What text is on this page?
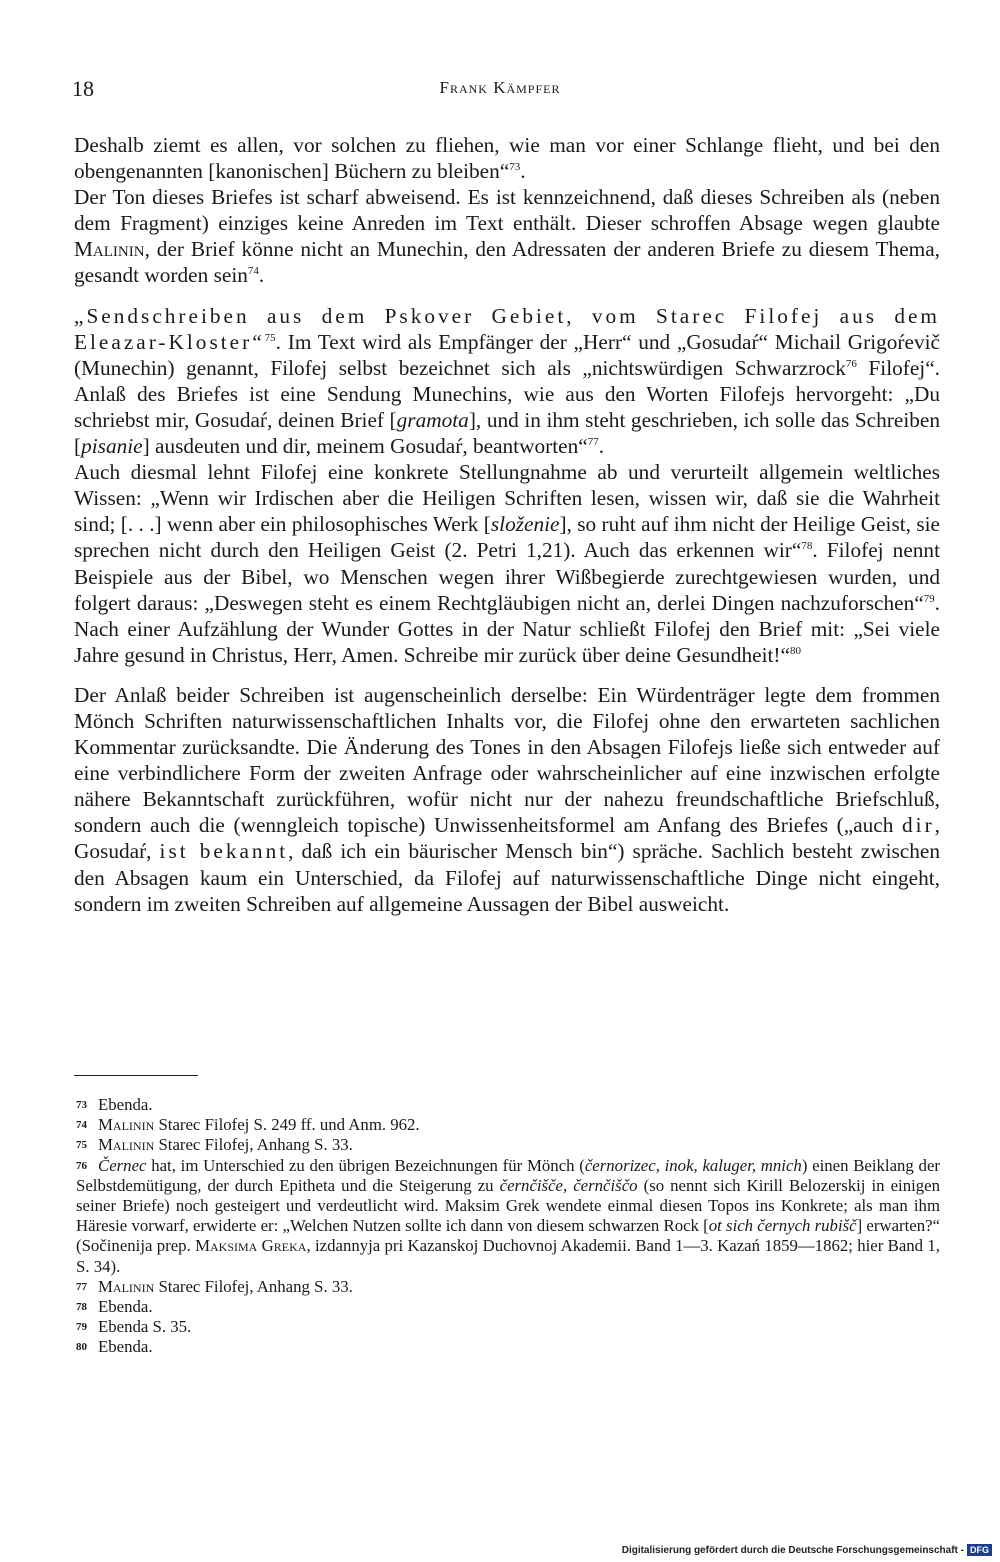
18	Frank Kämpfer

Deshalb ziemt es allen, vor solchen zu fliehen, wie man vor einer Schlange flieht, und bei den obengenannten [kanonischen] Büchern zu bleiben“$^{73}$.

Der Ton dieses Briefes ist scharf abweisend. Es ist kennzeichnend, daß dieses Schreiben als (neben dem Fragment) einziges keine Anreden im Text enthält. Dieser schroffen Absage wegen glaubte Malinin, der Brief könne nicht an Munechin, den Adressaten der anderen Briefe zu diesem Thema, gesandt worden sein$^{74}$.

„Sendschreiben aus dem Pskover Gebiet, vom Starec Filofej aus dem Eleazar-Kloster“$^{75}$. Im Text wird als Empfänger der „Herr“ und „Gosudaŕ“ Michail Grigoŕevič (Munechin) genannt, Filofej selbst bezeichnet sich als „nichtswürdigen Schwarzrock$^{76}$ Filofej“. Anlaß des Briefes ist eine Sendung Munechins, wie aus den Worten Filofejs hervorgeht: „Du schriebst mir, Gosudaŕ, deinen Brief [gramota], und in ihm steht geschrieben, ich solle das Schreiben [pisanie] ausdeuten und dir, meinem Gosudaŕ, beantworten“$^{77}$.

Auch diesmal lehnt Filofej eine konkrete Stellungnahme ab und verurteilt allgemein weltliches Wissen: „Wenn wir Irdischen aber die Heiligen Schriften lesen, wissen wir, daß sie die Wahrheit sind; [. . .] wenn aber ein philosophisches Werk [složenie], so ruht auf ihm nicht der Heilige Geist, sie sprechen nicht durch den Heiligen Geist (2. Petri 1,21). Auch das erkennen wir“$^{78}$. Filofej nennt Beispiele aus der Bibel, wo Menschen wegen ihrer Wißbegierde zurechtgewiesen wurden, und folgert daraus: „Deswegen steht es einem Rechtgläubigen nicht an, derlei Dingen nachzuforschen“$^{79}$. Nach einer Aufzählung der Wunder Gottes in der Natur schließt Filofej den Brief mit: „Sei viele Jahre gesund in Christus, Herr, Amen. Schreibe mir zurück über deine Gesundheit!“$^{80}$

Der Anlaß beider Schreiben ist augenscheinlich derselbe: Ein Würdenträger legte dem frommen Mönch Schriften naturwissenschaftlichen Inhalts vor, die Filofej ohne den erwarteten sachlichen Kommentar zurücksandte. Die Änderung des Tones in den Absagen Filofejs ließe sich entweder auf eine verbindlichere Form der zweiten Anfrage oder wahrscheinlicher auf eine inzwischen erfolgte nähere Bekanntschaft zurückführen, wofür nicht nur der nahezu freundschaftliche Briefschluß, sondern auch die (wenngleich topische) Unwissenheitsformel am Anfang des Briefes („auch dir, Gosudaŕ, ist bekannt, daß ich ein bäurischer Mensch bin“) spräche. Sachlich besteht zwischen den Absagen kaum ein Unterschied, da Filofej auf naturwissenschaftliche Dinge nicht eingeht, sondern im zweiten Schreiben auf allgemeine Aussagen der Bibel ausweicht.

73 Ebenda.

74 Malinin Starec Filofej S. 249 ff. und Anm. 962.

75 Malinin Starec Filofej, Anhang S. 33.

76 Černec hat, im Unterschied zu den übrigen Bezeichnungen für Mönch (černorizec, inok, kaluger, mnich) einen Beiklang der Selbstdemütigung, der durch Epitheta und die Steigerung zu černčišče, černčiščo (so nennt sich Kirill Belozerskij in einigen seiner Briefe) noch gesteigert und verdeutlicht wird. Maksim Grek wendete einmal diesen Topos ins Konkrete; als man ihm Häresie vorwarf, erwiderte er: „Welchen Nutzen sollte ich dann von diesem schwarzen Rock [ot sich černych rubišč] erwarten?“ (Sočinenija prep. Maksima Greka, izdannyja pri Kazanskoj Duchovnoj Akademii. Band 1—3. Kazań 1859—1862; hier Band 1, S. 34).

77 Malinin Starec Filofej, Anhang S. 33.

78 Ebenda.

79 Ebenda S. 35.

80 Ebenda.

Digitalisierung gefördert durch die Deutsche Forschungsgemeinschaft - DFG
